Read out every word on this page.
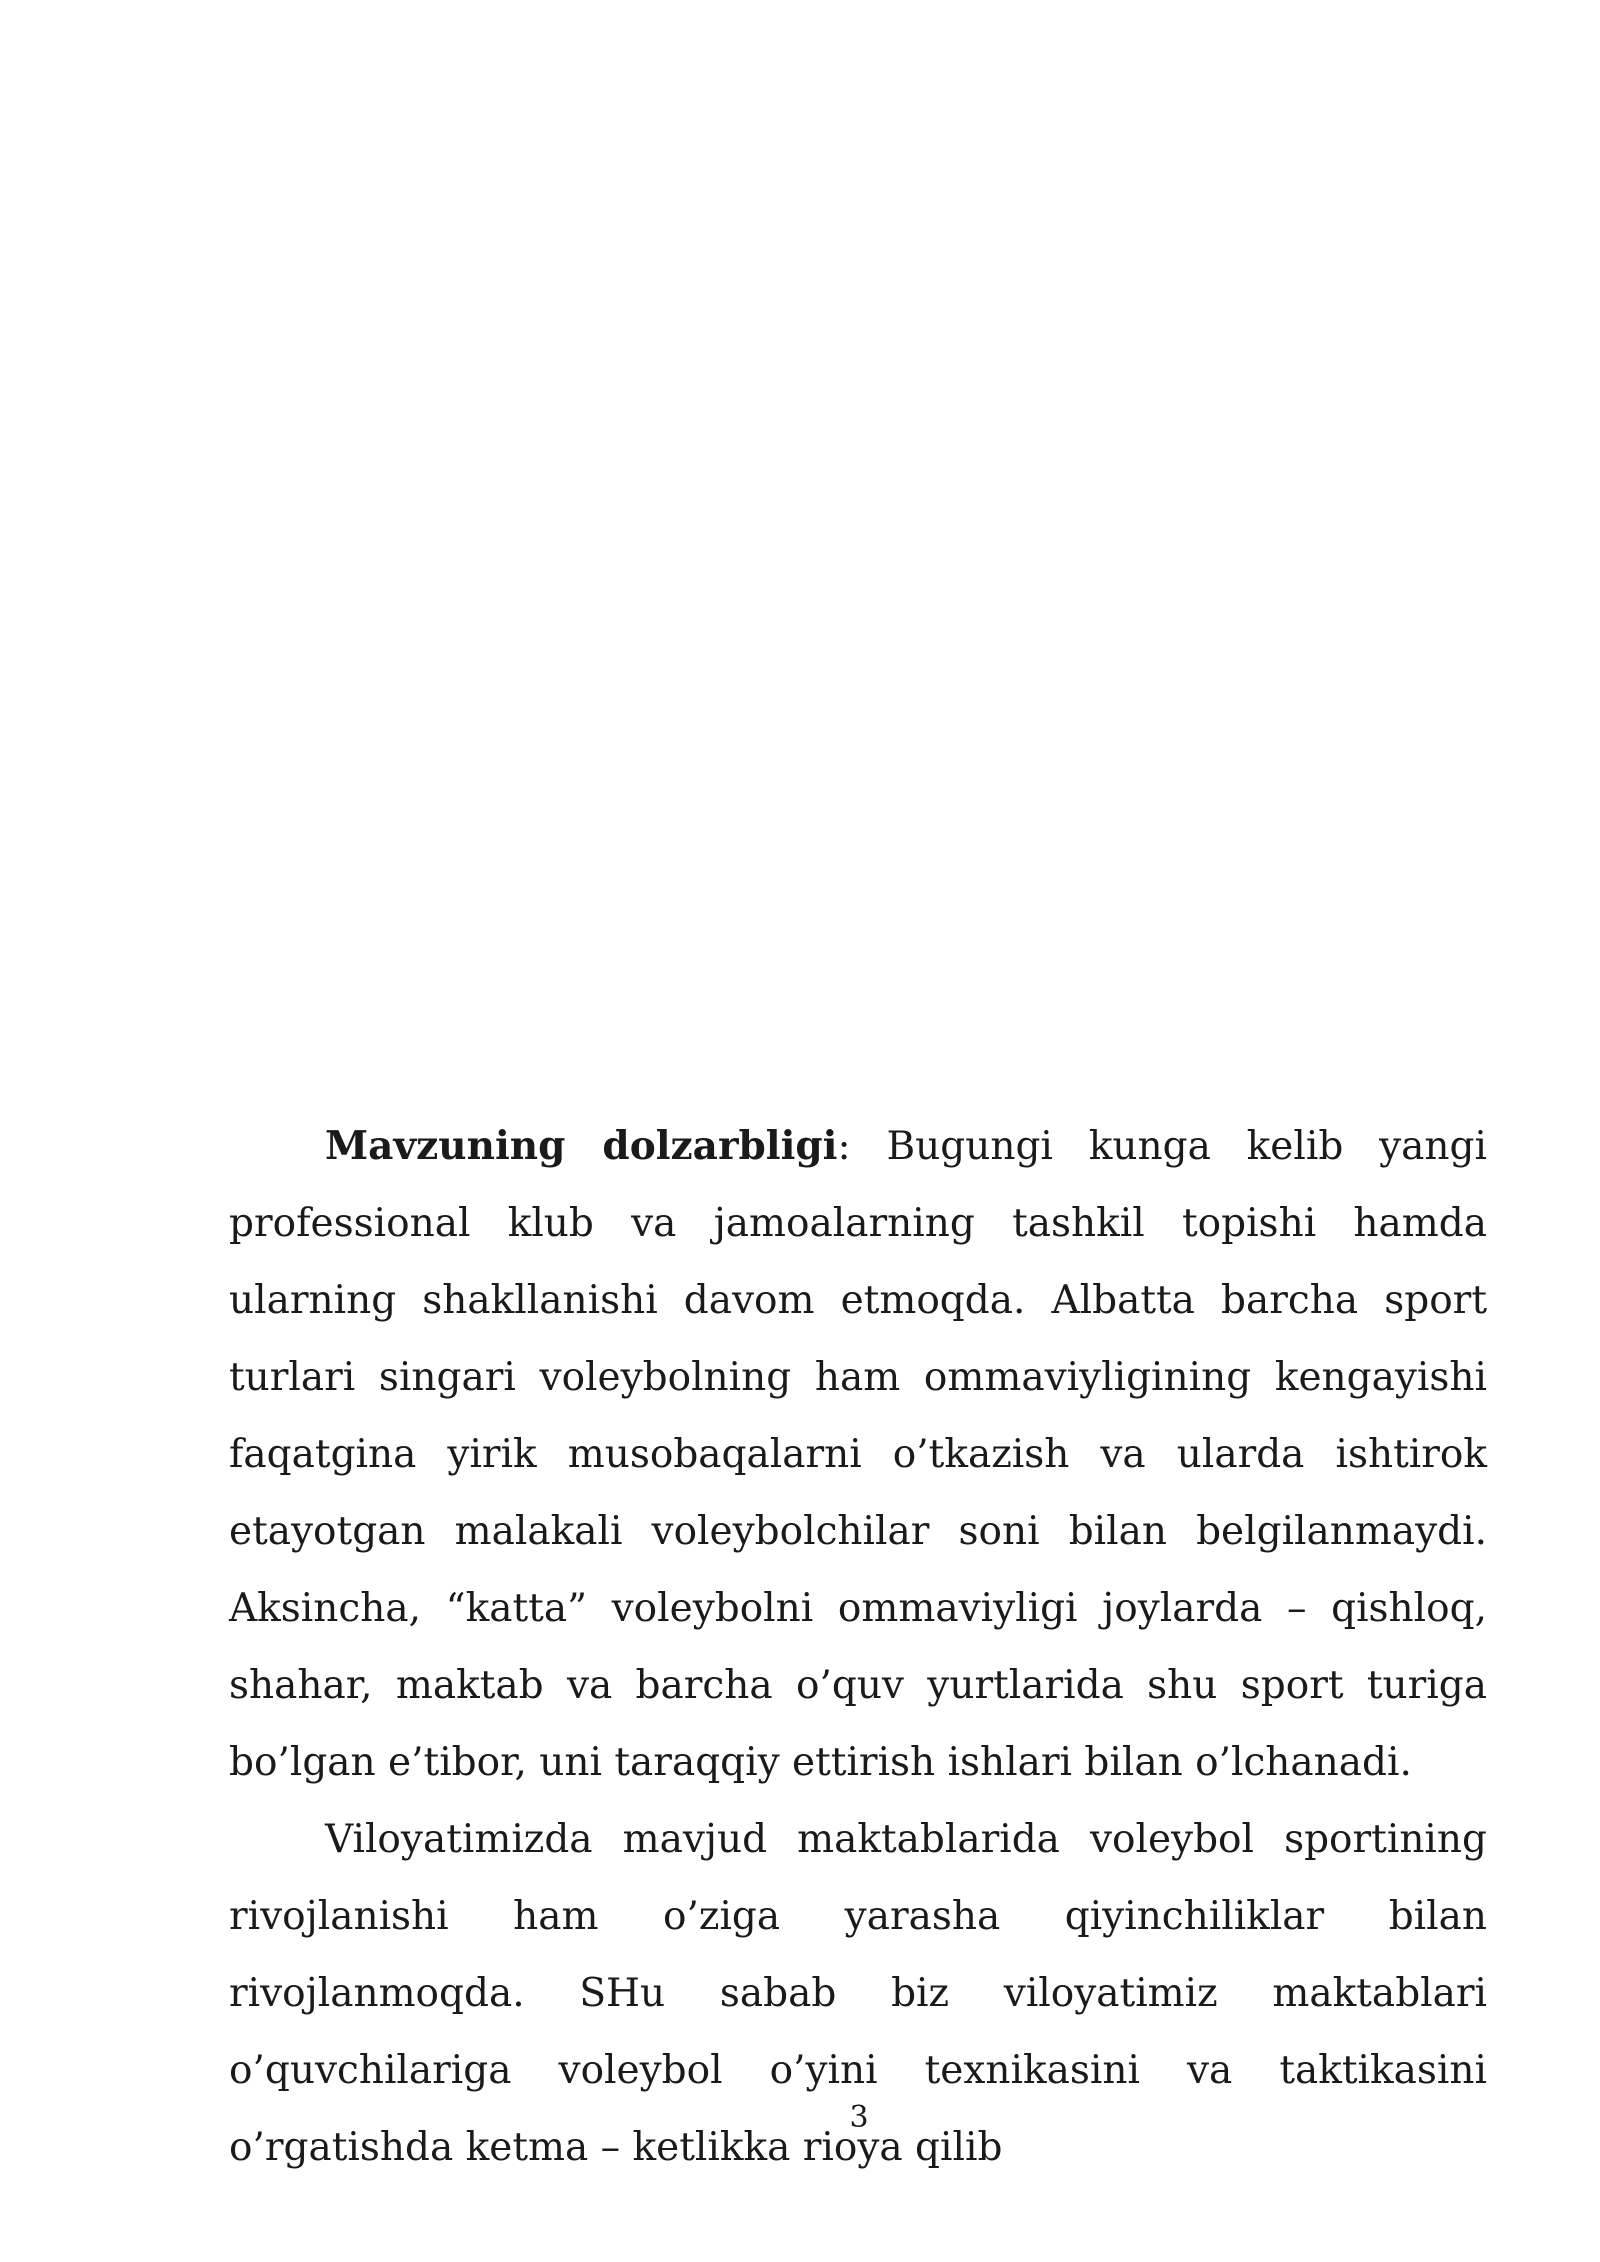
Mavzuning dolzarbligi: Bugungi kunga kelib yangi professional klub va jamoalarning tashkil topishi hamda ularning shakllanishi davom etmoqda. Albatta barcha sport turlari singari voleybolning ham ommaviyligining kengayishi faqatgina yirik musobaqalarni o’tkazish va ularda ishtirok etayotgan malakali voleybolchilar soni bilan belgilanmaydi. Aksincha, “katta” voleybolni ommaviyligi joylarda – qishloq, shahar, maktab va barcha o’quv yurtlarida shu sport turiga bo’lgan e’tibor, uni taraqqiy ettirish ishlari bilan o’lchanadi.

Viloyatimizda mavjud maktablarida voleybol sportining rivojlanishi ham o’ziga yarasha qiyinchiliklar bilan rivojlanmoqda. SHu sabab biz viloyatimiz maktablari o’quvchilariga voleybol o’yini texnikasini va taktikasini o’rgatishda ketma – ketlikka rioya qilib

3
